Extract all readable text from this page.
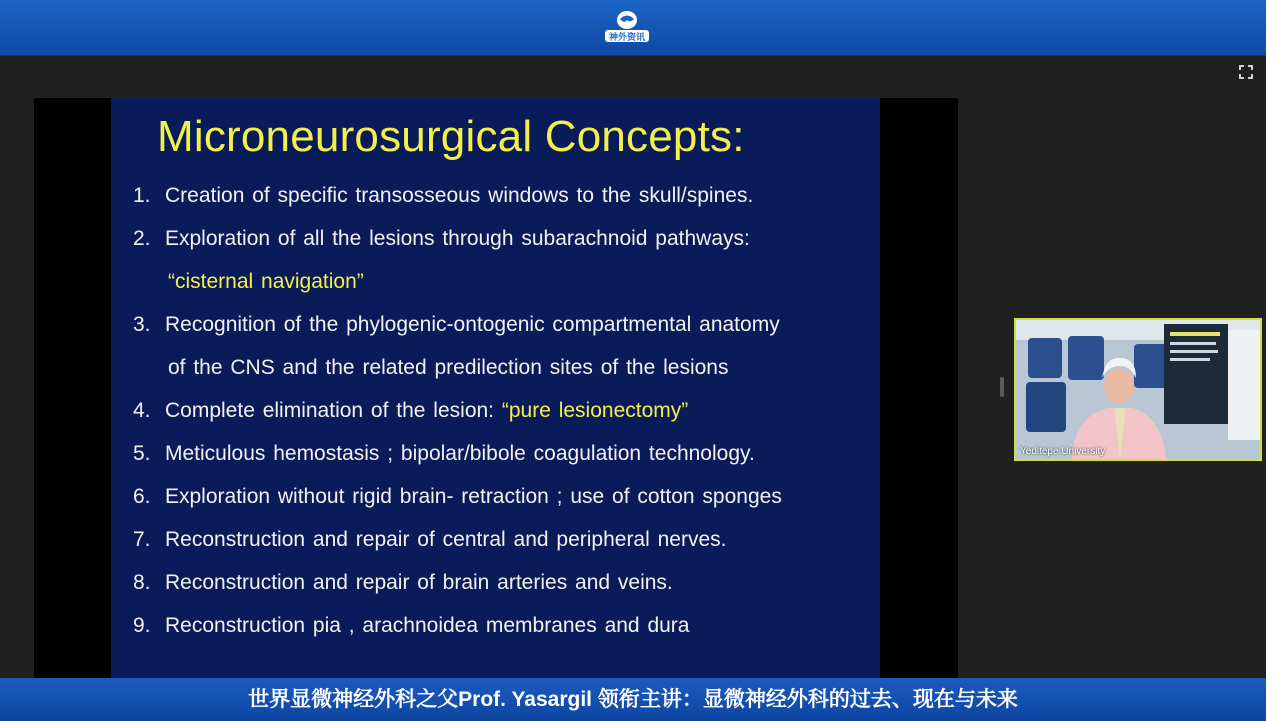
神外资讯
Microneurosurgical Concepts:
1. Creation of specific transosseous windows to the skull/spines.
2. Exploration of all the lesions through subarachnoid pathways:
“cisternal navigation”
3. Recognition of the phylogenic-ontogenic compartmental anatomy
of the CNS and the related predilection sites of the lesions
4. Complete elimination of the lesion: “pure lesionectomy”
5. Meticulous hemostasis ; bipolar/bibole coagulation technology.
6. Exploration without rigid brain- retraction ; use of cotton sponges
7. Reconstruction and repair of central and peripheral nerves.
8. Reconstruction and repair of brain arteries and veins.
9. Reconstruction pia , arachnoidea membranes and dura
Yeditepe University
世界显微神经外科之父Prof. Yasargil 领衔主讲：显微神经外科的过去、现在与未来
